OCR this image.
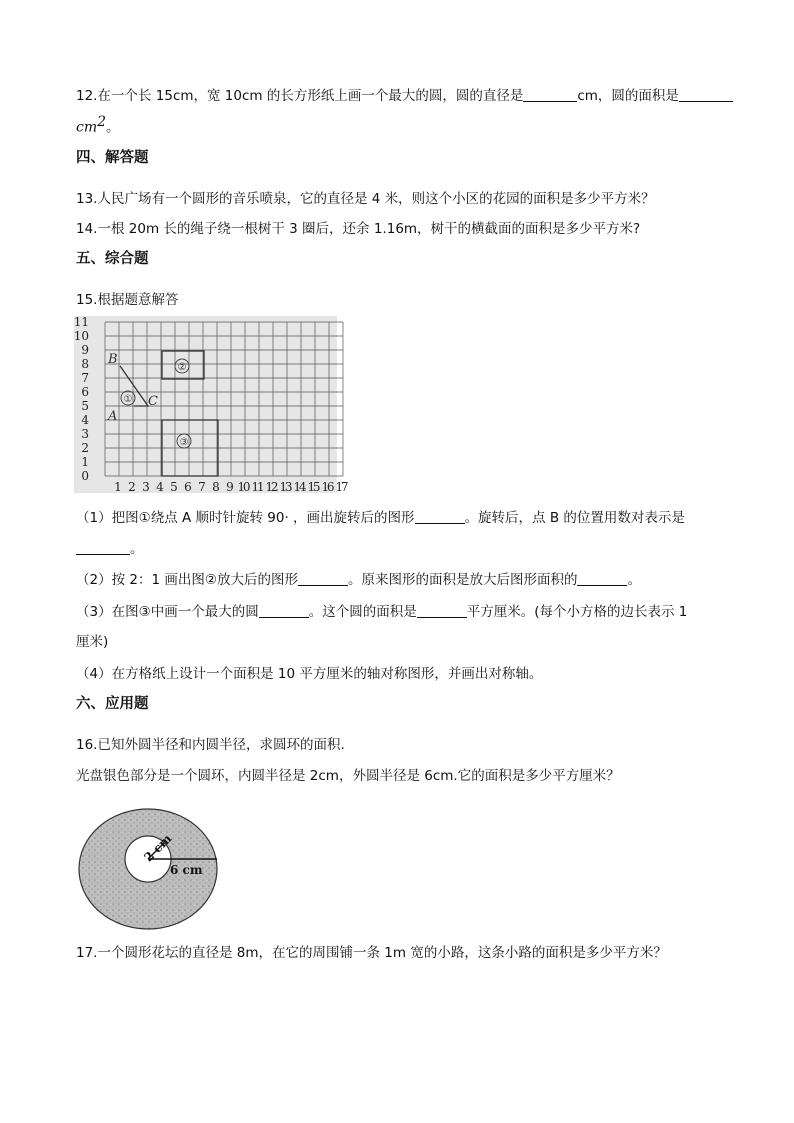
12.在一个长 15cm，宽 10cm 的长方形纸上画一个最大的圆，圆的直径是	cm，圆的面积是
$cm^2$。
四、解答题
13.人民广场有一个圆形的音乐喷泉，它的直径是 4 米，则这个小区的花园的面积是多少平方米？
14.一根 20m 长的绳子绕一根树干 3 圈后，还余 1.16m，树干的横截面的面积是多少平方米?
五、综合题
15.根据题意解答
0
1
2
3
4
5
6
7
8
9
10
11
1 2 3 4 5 6 7 8 9 10 11 12 13 14 15 16 17
①
B
A
C
②
③
（1）把图①绕点 A 顺时针旋转 90· ，画出旋转后的图形	。旋转后，点 B 的位置用数对表示是
。
（2）按 2：1 画出图②放大后的图形	。原来图形的面积是放大后图形面积的	。
（3）在图③中画一个最大的圆	。这个圆的面积是	平方厘米。(每个小方格的边长表示 1
厘米)
（4）在方格纸上设计一个面积是 10 平方厘米的轴对称图形，并画出对称轴。
六、应用题
16.已知外圆半径和内圆半径，求圆环的面积.
光盘银色部分是一个圆环，内圆半径是 2cm，外圆半径是 6cm.它的面积是多少平方厘米？
2 cm
6 cm
17.一个圆形花坛的直径是 8m，在它的周围铺一条 1m 宽的小路，这条小路的面积是多少平方米？
